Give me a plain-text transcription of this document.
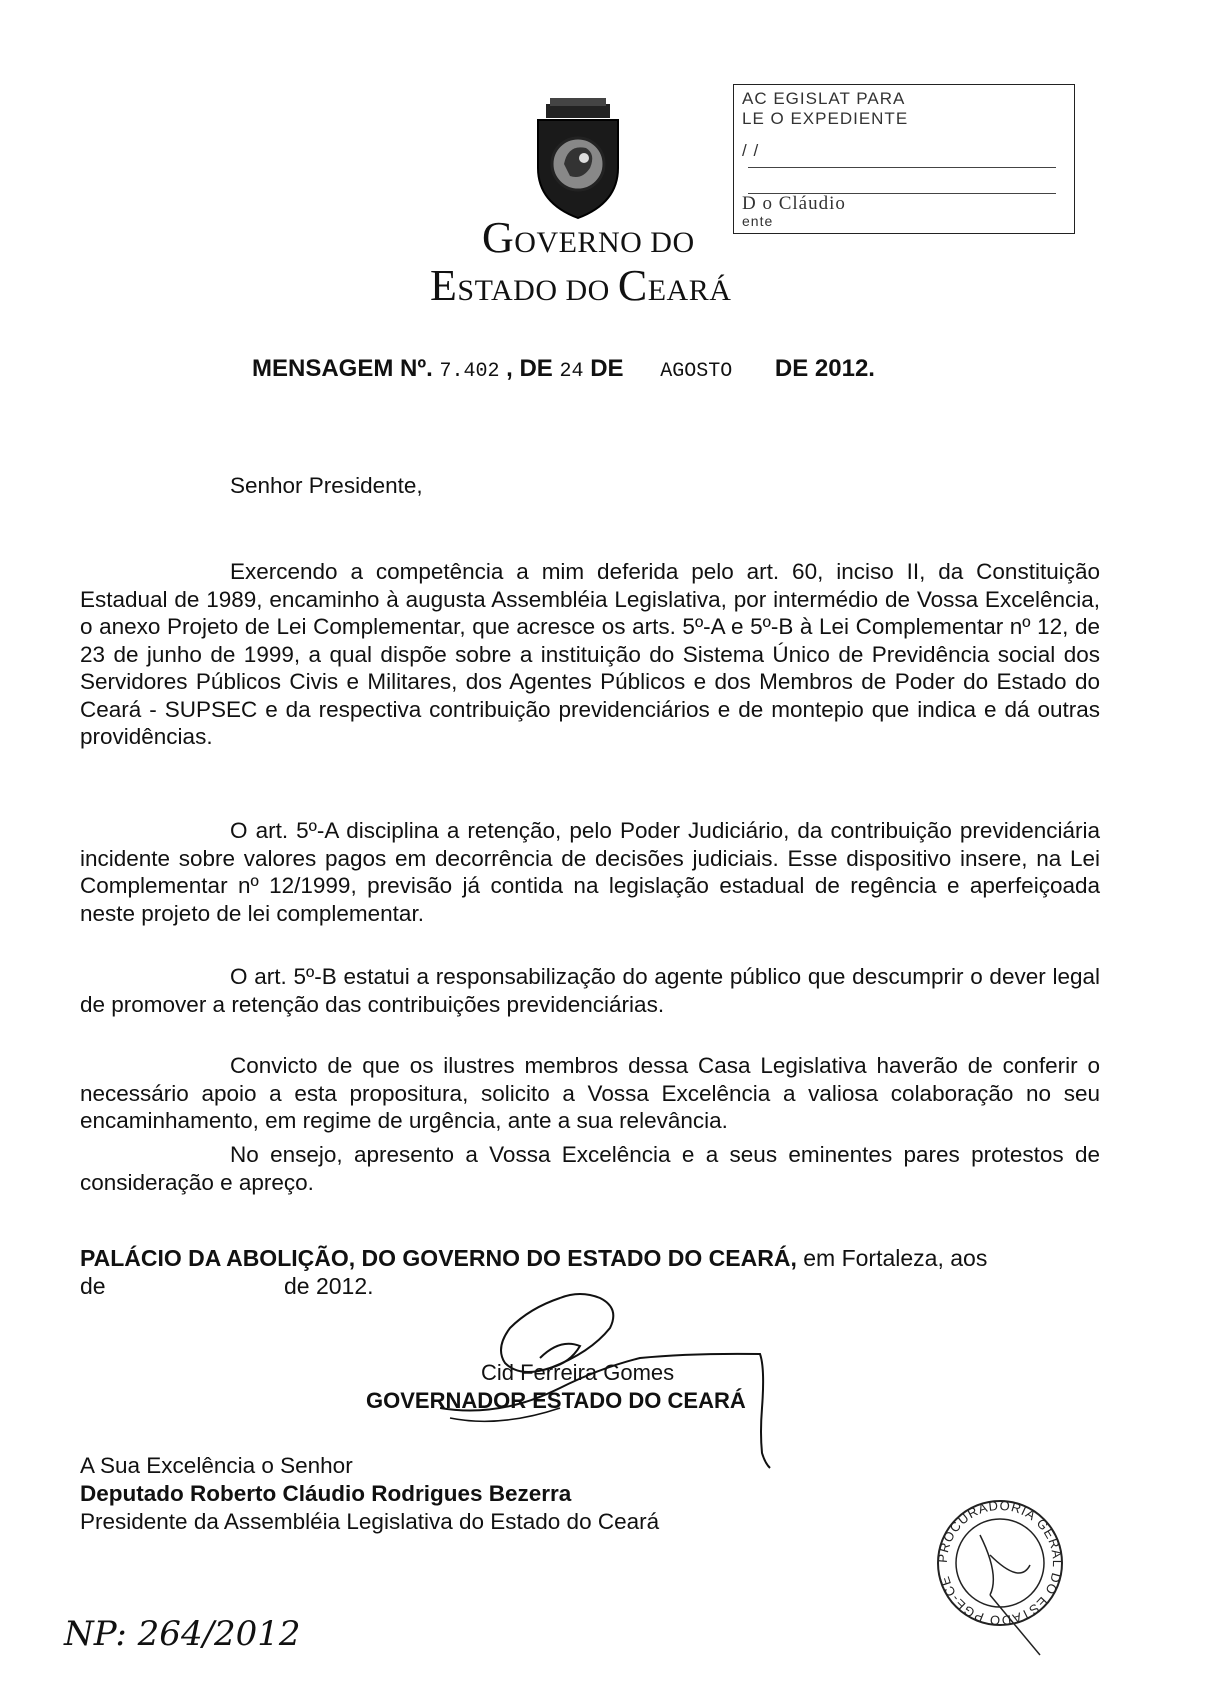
GOVERNO DO
ESTADO DO CEARÁ
AC EGISLAT PARA
LE O EXPEDIENTE
/ /
D o Cláudio
ente
MENSAGEM Nº. 7.402 , DE 24 DE AGOSTO DE 2012.
Senhor Presidente,
Exercendo a competência a mim deferida pelo art. 60, inciso II, da Constituição Estadual de 1989, encaminho à augusta Assembléia Legislativa, por intermédio de Vossa Excelência, o anexo Projeto de Lei Complementar, que acresce os arts. 5º-A e 5º-B à Lei Complementar nº 12, de 23 de junho de 1999, a qual dispõe sobre a instituição do Sistema Único de Previdência social dos Servidores Públicos Civis e Militares, dos Agentes Públicos e dos Membros de Poder do Estado do Ceará - SUPSEC e da respectiva contribuição previdenciários e de montepio que indica e dá outras providências.
O art. 5º-A disciplina a retenção, pelo Poder Judiciário, da contribuição previdenciária incidente sobre valores pagos em decorrência de decisões judiciais. Esse dispositivo insere, na Lei Complementar nº 12/1999, previsão já contida na legislação estadual de regência e aperfeiçoada neste projeto de lei complementar.
O art. 5º-B estatui a responsabilização do agente público que descumprir o dever legal de promover a retenção das contribuições previdenciárias.
Convicto de que os ilustres membros dessa Casa Legislativa haverão de conferir o necessário apoio a esta propositura, solicito a Vossa Excelência a valiosa colaboração no seu encaminhamento, em regime de urgência, ante a sua relevância.
No ensejo, apresento a Vossa Excelência e a seus eminentes pares protestos de consideração e apreço.
PALÁCIO DA ABOLIÇÃO, DO GOVERNO DO ESTADO DO CEARÁ, em Fortaleza, aos
de	de 2012.
Cid Ferreira Gomes
GOVERNADOR ESTADO DO CEARÁ
A Sua Excelência o Senhor
Deputado Roberto Cláudio Rodrigues Bezerra
Presidente da Assembléia Legislativa do Estado do Ceará
PROCURADORIA GERAL DO ESTADO PGE-CE
NP: 264/2012
